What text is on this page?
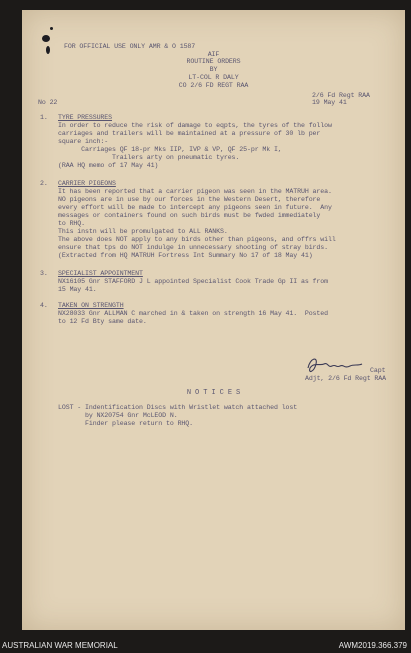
FOR OFFICIAL USE ONLY AMR & O 1587
AIF
ROUTINE ORDERS
BY
LT-COL R DALY
CO 2/6 FD REGT RAA
No 22
2/6 Fd Regt RAA
19 May 41
1. TYRE PRESSURES
In order to reduce the risk of damage to eqpts, the tyres of the follow
carriages and trailers will be maintained at a pressure of 30 lb per
square inch:-
Carriages QF 18-pr Mks IIP, IVP & VP, QF 25-pr Mk I,
Trailers arty on pneumatic tyres.
(RAA HQ memo of 17 May 41)
2. CARRIER PIGEONS
It has been reported that a carrier pigeon was seen in the MATRUH area.
NO pigeons are in use by our forces in the Western Desert, therefore
every effort will be made to intercept any pigeons seen in future.  Any
messages or containers found on such birds must be fwded immediately
to RHQ.
This instn will be promulgated to ALL RANKS.
The above does NOT apply to any birds other than pigeons, and offrs will
ensure that tps do NOT indulge in unnecessary shooting of stray birds.
(Extracted from HQ MATRUH Fortress Int Summary No 17 of 18 May 41)
3. SPECIALIST APPOINTMENT
NX16105 Gnr STAFFORD J L appointed Specialist Cook Trade Gp II as from
15 May 41.
4. TAKEN ON STRENGTH
NX28033 Gnr ALLMAN C marched in & taken on strength 16 May 41.  Posted
to 12 Fd Bty same date.
Capt
Adjt, 2/6 Fd Regt RAA
N O T I C E S
LOST - Indentification Discs with Wristlet watch attached lost
by NX20754 Gnr McLEOD N.
Finder please return to RHQ.
AUSTRALIAN WAR MEMORIAL	AWM2019.366.379
